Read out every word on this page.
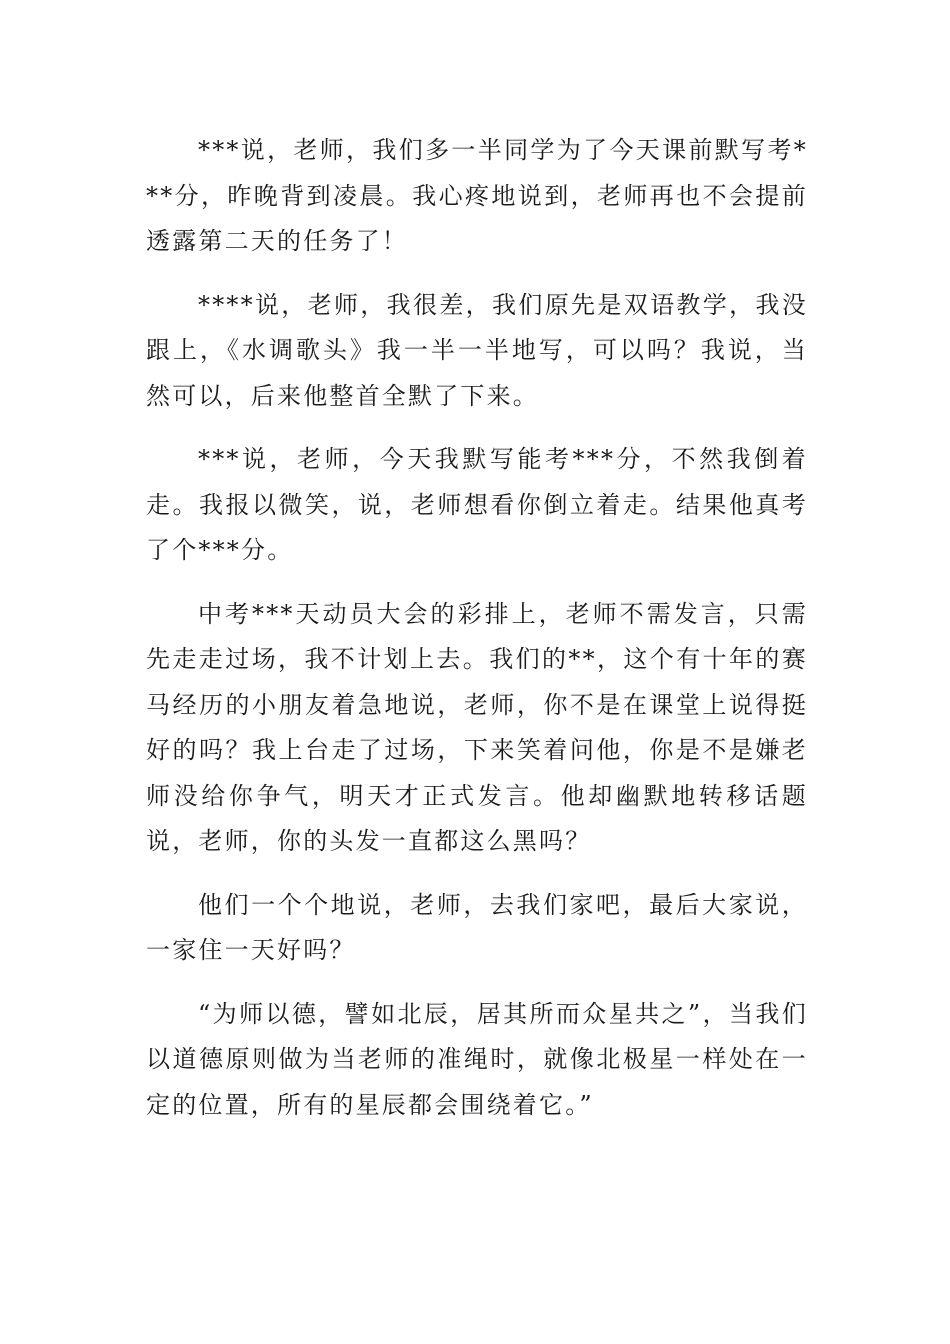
***说，老师，我们多一半同学为了今天课前默写考***分，昨晚背到凌晨。我心疼地说到，老师再也不会提前透露第二天的任务了！

****说，老师，我很差，我们原先是双语教学，我没跟上，《水调歌头》我一半一半地写，可以吗？我说，当然可以，后来他整首全默了下来。

***说，老师，今天我默写能考***分，不然我倒着走。我报以微笑，说，老师想看你倒立着走。结果他真考了个***分。

中考***天动员大会的彩排上，老师不需发言，只需先走走过场，我不计划上去。我们的**，这个有十年的赛马经历的小朋友着急地说，老师，你不是在课堂上说得挺好的吗？我上台走了过场，下来笑着问他，你是不是嫌老师没给你争气，明天才正式发言。他却幽默地转移话题说，老师，你的头发一直都这么黑吗？

他们一个个地说，老师，去我们家吧，最后大家说，一家住一天好吗？

“为师以德，譬如北辰，居其所而众星共之”，当我们以道德原则做为当老师的准绳时，就像北极星一样处在一定的位置，所有的星辰都会围绕着它。”
